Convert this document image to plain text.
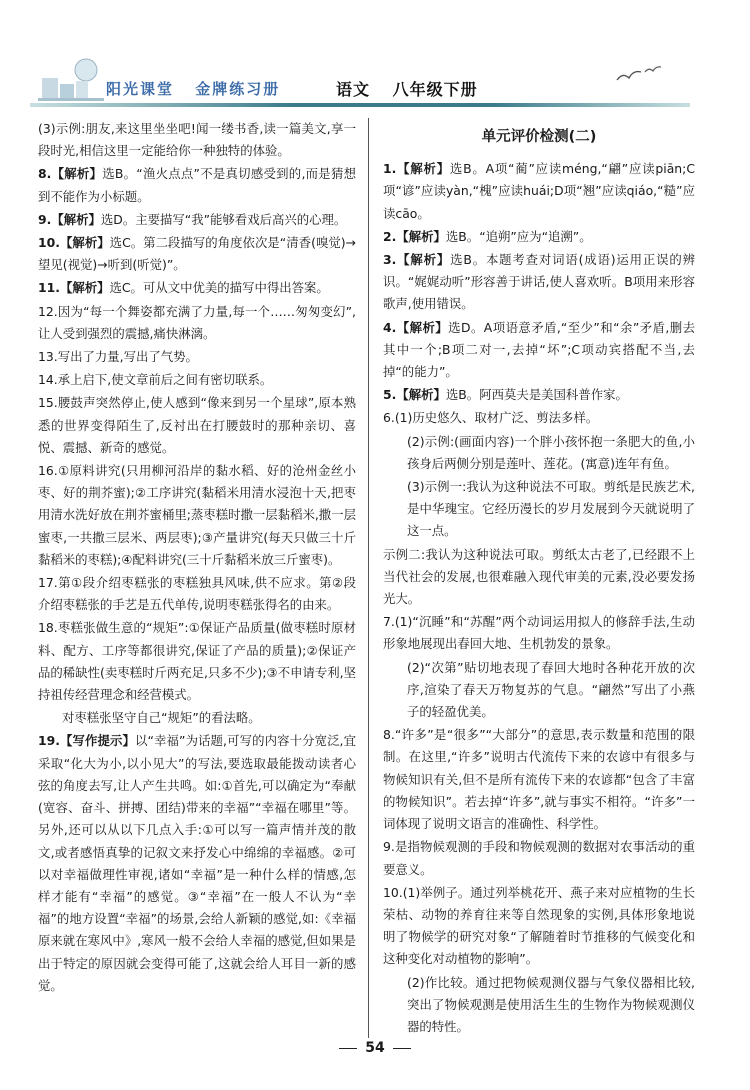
阳光课堂 金牌练习册	语文 八年级下册
(3)示例:朋友,来这里坐坐吧!闻一缕书香,读一篇美文,享一段时光,相信这里一定能给你一种独特的体验。
8.【解析】选B。“渔火点点”不是真切感受到的,而是猜想到不能作为小标题。
9.【解析】选D。主要描写“我”能够看戏后高兴的心理。
10.【解析】选C。第二段描写的角度依次是“清香(嗅觉)→望见(视觉)→听到(听觉)”。
11.【解析】选C。可从文中优美的描写中得出答案。
12.因为“每一个舞姿都充满了力量,每一个……匆匆变幻”,让人受到强烈的震撼,痛快淋漓。
13.写出了力量,写出了气势。
14.承上启下,使文章前后之间有密切联系。
15.腰鼓声突然停止,使人感到“像来到另一个星球”,原本熟悉的世界变得陌生了,反衬出在打腰鼓时的那种亲切、喜悦、震撼、新奇的感觉。
16.①原料讲究(只用柳河沿岸的黏水稻、好的沧州金丝小枣、好的荆芥蜜);②工序讲究(黏稻米用清水浸泡十天,把枣用清水洗好放在荆芥蜜桶里;蒸枣糕时撒一层黏稻米,撒一层蜜枣,一共撒三层米、两层枣);③产量讲究(每天只做三十斤黏稻米的枣糕);④配料讲究(三十斤黏稻米放三斤蜜枣)。
17.第①段介绍枣糕张的枣糕独具风味,供不应求。第②段介绍枣糕张的手艺是五代单传,说明枣糕张得名的由来。
18.枣糕张做生意的“规矩”:①保证产品质量(做枣糕时原材料、配方、工序等都很讲究,保证了产品的质量);②保证产品的稀缺性(卖枣糕时斤两充足,只多不少);③不申请专利,坚持祖传经营理念和经营模式。
对枣糕张坚守自己“规矩”的看法略。
19.【写作提示】以“幸福”为话题,可写的内容十分宽泛,宜采取“化大为小,以小见大”的写法,要选取最能拨动读者心弦的角度去写,让人产生共鸣。如:①首先,可以确定为“奉献(宽容、奋斗、拼搏、团结)带来的幸福”“幸福在哪里”等。另外,还可以从以下几点入手:①可以写一篇声情并茂的散文,或者感悟真挚的记叙文来抒发心中绵绵的幸福感。②可以对幸福做理性审视,诸如“幸福”是一种什么样的情感,怎样才能有“幸福”的感觉。③“幸福”在一般人不认为“幸福”的地方设置“幸福”的场景,会给人新颖的感觉,如:《幸福原来就在寒风中》,寒风一般不会给人幸福的感觉,但如果是出于特定的原因就会变得可能了,这就会给人耳目一新的感觉。
单元评价检测(二)
1.【解析】选B。A项“蔺”应读méng,“翩”应读piān;C项“谚”应读yàn,“槐”应读huái;D项“翘”应读qiáo,“糙”应读cāo。
2.【解析】选B。“追朔”应为“追溯”。
3.【解析】选B。本题考查对词语(成语)运用正误的辨识。“娓娓动听”形容善于讲话,使人喜欢听。B项用来形容歌声,使用错误。
4.【解析】选D。A项语意矛盾,“至少”和“余”矛盾,删去其中一个;B项二对一,去掉“坏”;C项动宾搭配不当,去掉“的能力”。
5.【解析】选B。阿西莫夫是美国科普作家。
6.(1)历史悠久、取材广泛、剪法多样。
(2)示例:(画面内容)一个胖小孩怀抱一条肥大的鱼,小孩身后两侧分别是莲叶、莲花。(寓意)连年有鱼。
(3)示例一:我认为这种说法不可取。剪纸是民族艺术,是中华瑰宝。它经历漫长的岁月发展到今天就说明了这一点。
示例二:我认为这种说法可取。剪纸太古老了,已经跟不上当代社会的发展,也很难融入现代审美的元素,没必要发扬光大。
7.(1)“沉睡”和“苏醒”两个动词运用拟人的修辞手法,生动形象地展现出春回大地、生机勃发的景象。
(2)“次第”贴切地表现了春回大地时各种花开放的次序,渲染了春天万物复苏的气息。“翩然”写出了小燕子的轻盈优美。
8.“许多”是“很多”“大部分”的意思,表示数量和范围的限制。在这里,“许多”说明古代流传下来的农谚中有很多与物候知识有关,但不是所有流传下来的农谚都“包含了丰富的物候知识”。若去掉“许多”,就与事实不相符。“许多”一词体现了说明文语言的准确性、科学性。
9.是指物候观测的手段和物候观测的数据对农事活动的重要意义。
10.(1)举例子。通过列举桃花开、燕子来对应植物的生长荣枯、动物的养育往来等自然现象的实例,具体形象地说明了物候学的研究对象“了解随着时节推移的气候变化和这种变化对动植物的影响”。
(2)作比较。通过把物候观测仪器与气象仪器相比较,突出了物候观测是使用活生生的生物作为物候观测仪器的特性。
54
